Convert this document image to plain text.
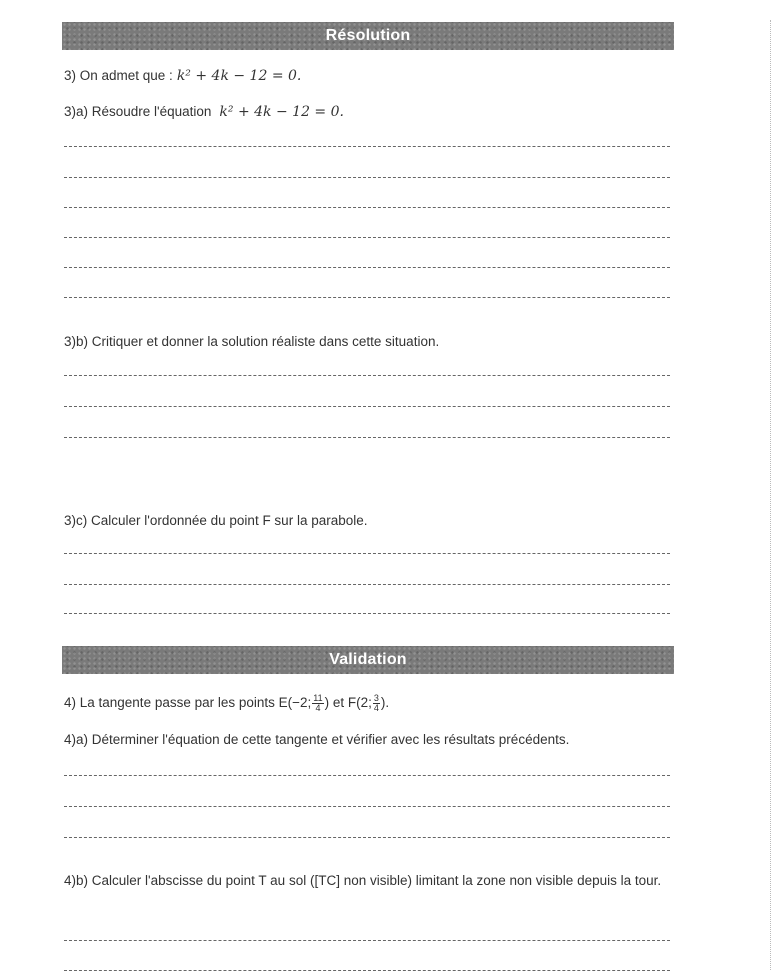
Résolution
3) On admet que : k² + 4k − 12 = 0.
3)a) Résoudre l'équation k² + 4k − 12 = 0.
3)b) Critiquer et donner la solution réaliste dans cette situation.
3)c) Calculer l'ordonnée du point F sur la parabole.
Validation
4) La tangente passe par les points E(−2; $\frac{11}{4}$ ) et F(2; $\frac{3}{4}$ ).
4)a) Déterminer l'équation de cette tangente et vérifier avec les résultats précédents.
4)b) Calculer l'abscisse du point T au sol ([TC] non visible) limitant la zone non visible depuis la tour.
